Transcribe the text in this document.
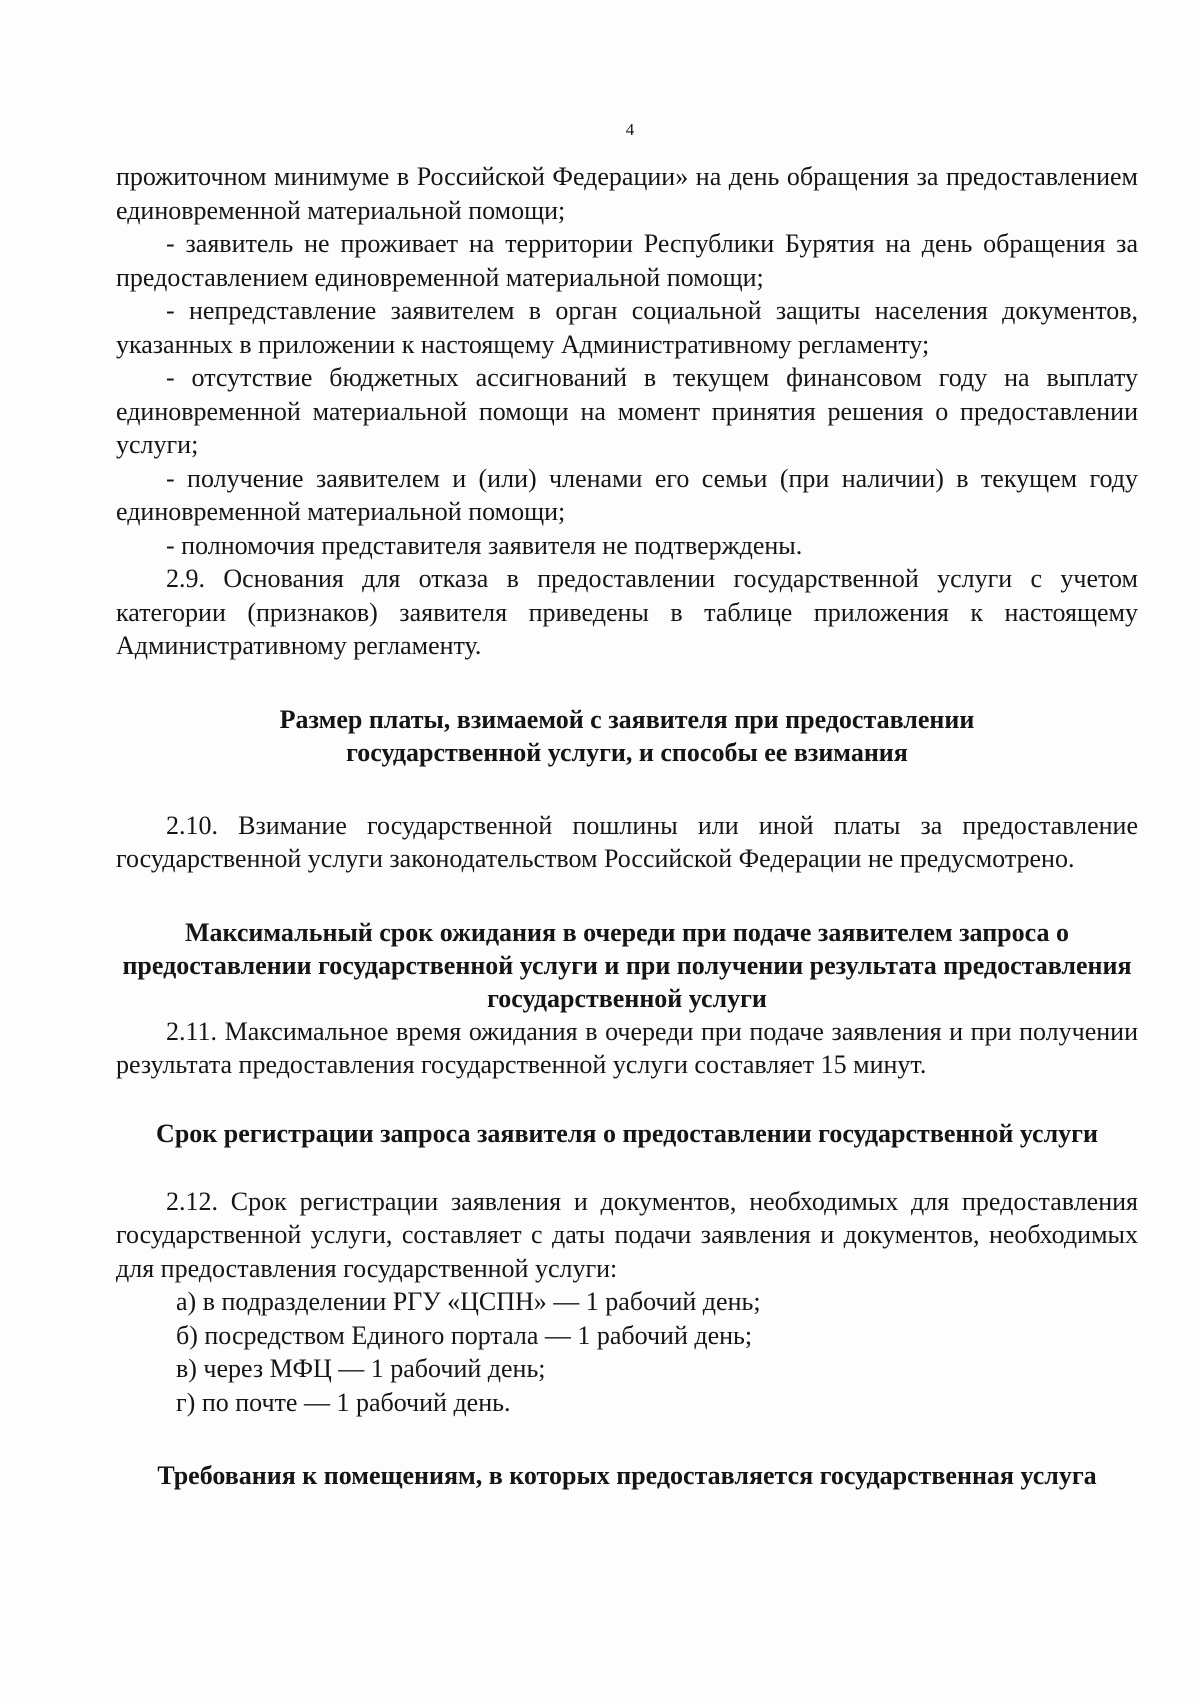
4

прожиточном минимуме в Российской Федерации» на день обращения за предоставлением единовременной материальной помощи;

- заявитель не проживает на территории Республики Бурятия на день обращения за предоставлением единовременной материальной помощи;

- непредставление заявителем в орган социальной защиты населения документов, указанных в приложении к настоящему Административному регламенту;

- отсутствие бюджетных ассигнований в текущем финансовом году на выплату единовременной материальной помощи на момент принятия решения о предоставлении услуги;

- получение заявителем и (или) членами его семьи (при наличии) в текущем году единовременной материальной помощи;

- полномочия представителя заявителя не подтверждены.

2.9. Основания для отказа в предоставлении государственной услуги с учетом категории (признаков) заявителя приведены в таблице приложения к настоящему Административному регламенту.

Размер платы, взимаемой с заявителя при предоставлении государственной услуги, и способы ее взимания

2.10. Взимание государственной пошлины или иной платы за предоставление государственной услуги законодательством Российской Федерации не предусмотрено.

Максимальный срок ожидания в очереди при подаче заявителем запроса о предоставлении государственной услуги и при получении результата предоставления государственной услуги

2.11. Максимальное время ожидания в очереди при подаче заявления и при получении результата предоставления государственной услуги составляет 15 минут.

Срок регистрации запроса заявителя о предоставлении государственной услуги

2.12. Срок регистрации заявления и документов, необходимых для предоставления государственной услуги, составляет с даты подачи заявления и документов, необходимых для предоставления государственной услуги:

а) в подразделении РГУ «ЦСПН» — 1 рабочий день;

б) посредством Единого портала — 1 рабочий день;

в) через МФЦ — 1 рабочий день;

г) по почте — 1 рабочий день.

Требования к помещениям, в которых предоставляется государственная услуга
